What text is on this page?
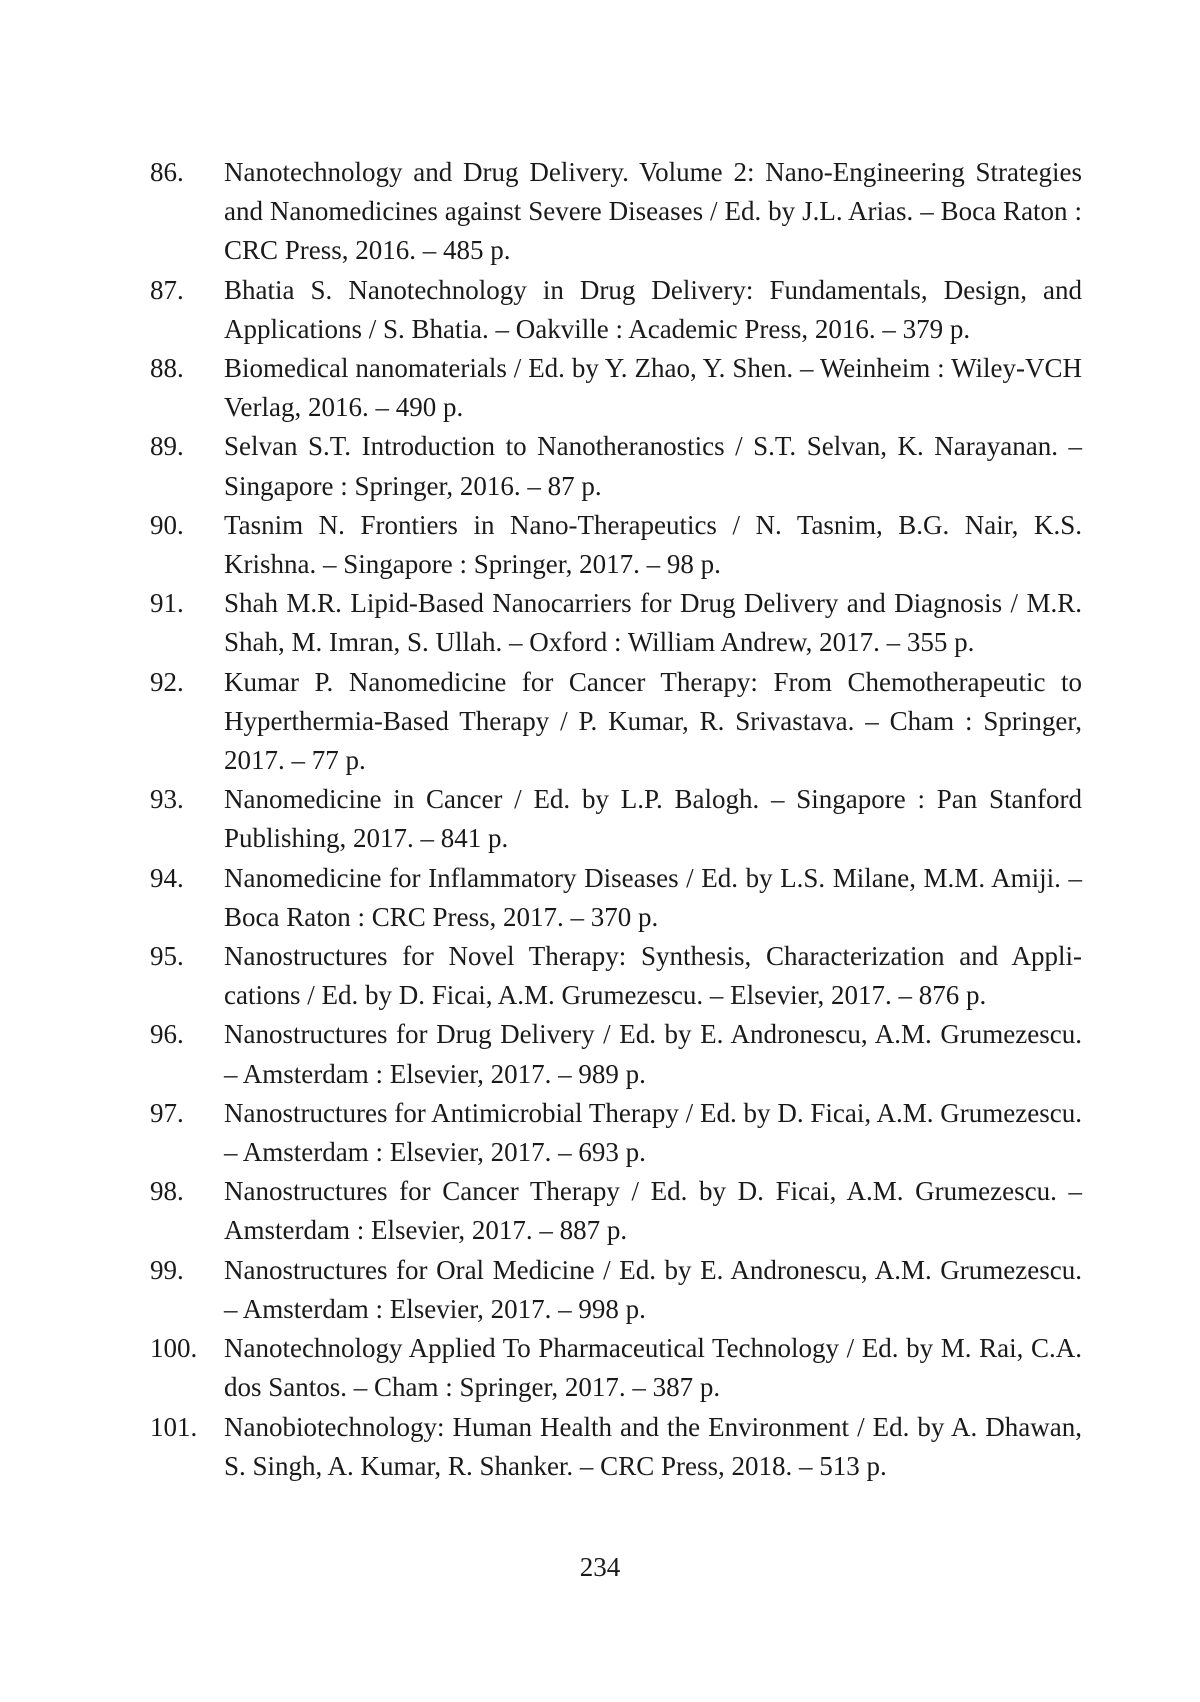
86.	Nanotechnology and Drug Delivery. Volume 2: Nano-Engineering Strategies and Nanomedicines against Severe Diseases / Ed. by J.L. Arias. – Boca Raton : CRC Press, 2016. – 485 p.
87.	Bhatia S. Nanotechnology in Drug Delivery: Fundamentals, Design, and Applications / S. Bhatia. – Oakville : Academic Press, 2016. – 379 p.
88.	Biomedical nanomaterials / Ed. by Y. Zhao, Y. Shen. – Weinheim : Wiley-VCH Verlag, 2016. – 490 p.
89.	Selvan S.T. Introduction to Nanotheranostics / S.T. Selvan, K. Narayanan. – Singapore : Springer, 2016. – 87 p.
90.	Tasnim N. Frontiers in Nano-Therapeutics / N. Tasnim, B.G. Nair, K.S. Krishna. – Singapore : Springer, 2017. – 98 p.
91.	Shah M.R. Lipid-Based Nanocarriers for Drug Delivery and Diagnosis / M.R. Shah, M. Imran, S. Ullah. – Oxford : William Andrew, 2017. – 355 p.
92.	Kumar P. Nanomedicine for Cancer Therapy: From Chemotherapeutic to Hyperthermia-Based Therapy / P. Kumar, R. Srivastava. – Cham : Springer, 2017. – 77 p.
93.	Nanomedicine in Cancer / Ed. by L.P. Balogh. – Singapore : Pan Stanford Publishing, 2017. – 841 p.
94.	Nanomedicine for Inflammatory Diseases / Ed. by L.S. Milane, M.M. Amiji. – Boca Raton : CRC Press, 2017. – 370 p.
95.	Nanostructures for Novel Therapy: Synthesis, Characterization and Applications / Ed. by D. Ficai, A.M. Grumezescu. – Elsevier, 2017. – 876 p.
96.	Nanostructures for Drug Delivery / Ed. by E. Andronescu, A.M. Grumezescu. – Amsterdam : Elsevier, 2017. – 989 p.
97.	Nanostructures for Antimicrobial Therapy / Ed. by D. Ficai, A.M. Grumezescu. – Amsterdam : Elsevier, 2017. – 693 p.
98.	Nanostructures for Cancer Therapy / Ed. by D. Ficai, A.M. Grumezescu. – Amsterdam : Elsevier, 2017. – 887 p.
99.	Nanostructures for Oral Medicine / Ed. by E. Andronescu, A.M. Grumezescu. – Amsterdam : Elsevier, 2017. – 998 p.
100. Nanotechnology Applied To Pharmaceutical Technology / Ed. by M. Rai, C.A. dos Santos. – Cham : Springer, 2017. – 387 p.
101. Nanobiotechnology: Human Health and the Environment / Ed. by A. Dhawan, S. Singh, A. Kumar, R. Shanker. – CRC Press, 2018. – 513 p.
234
